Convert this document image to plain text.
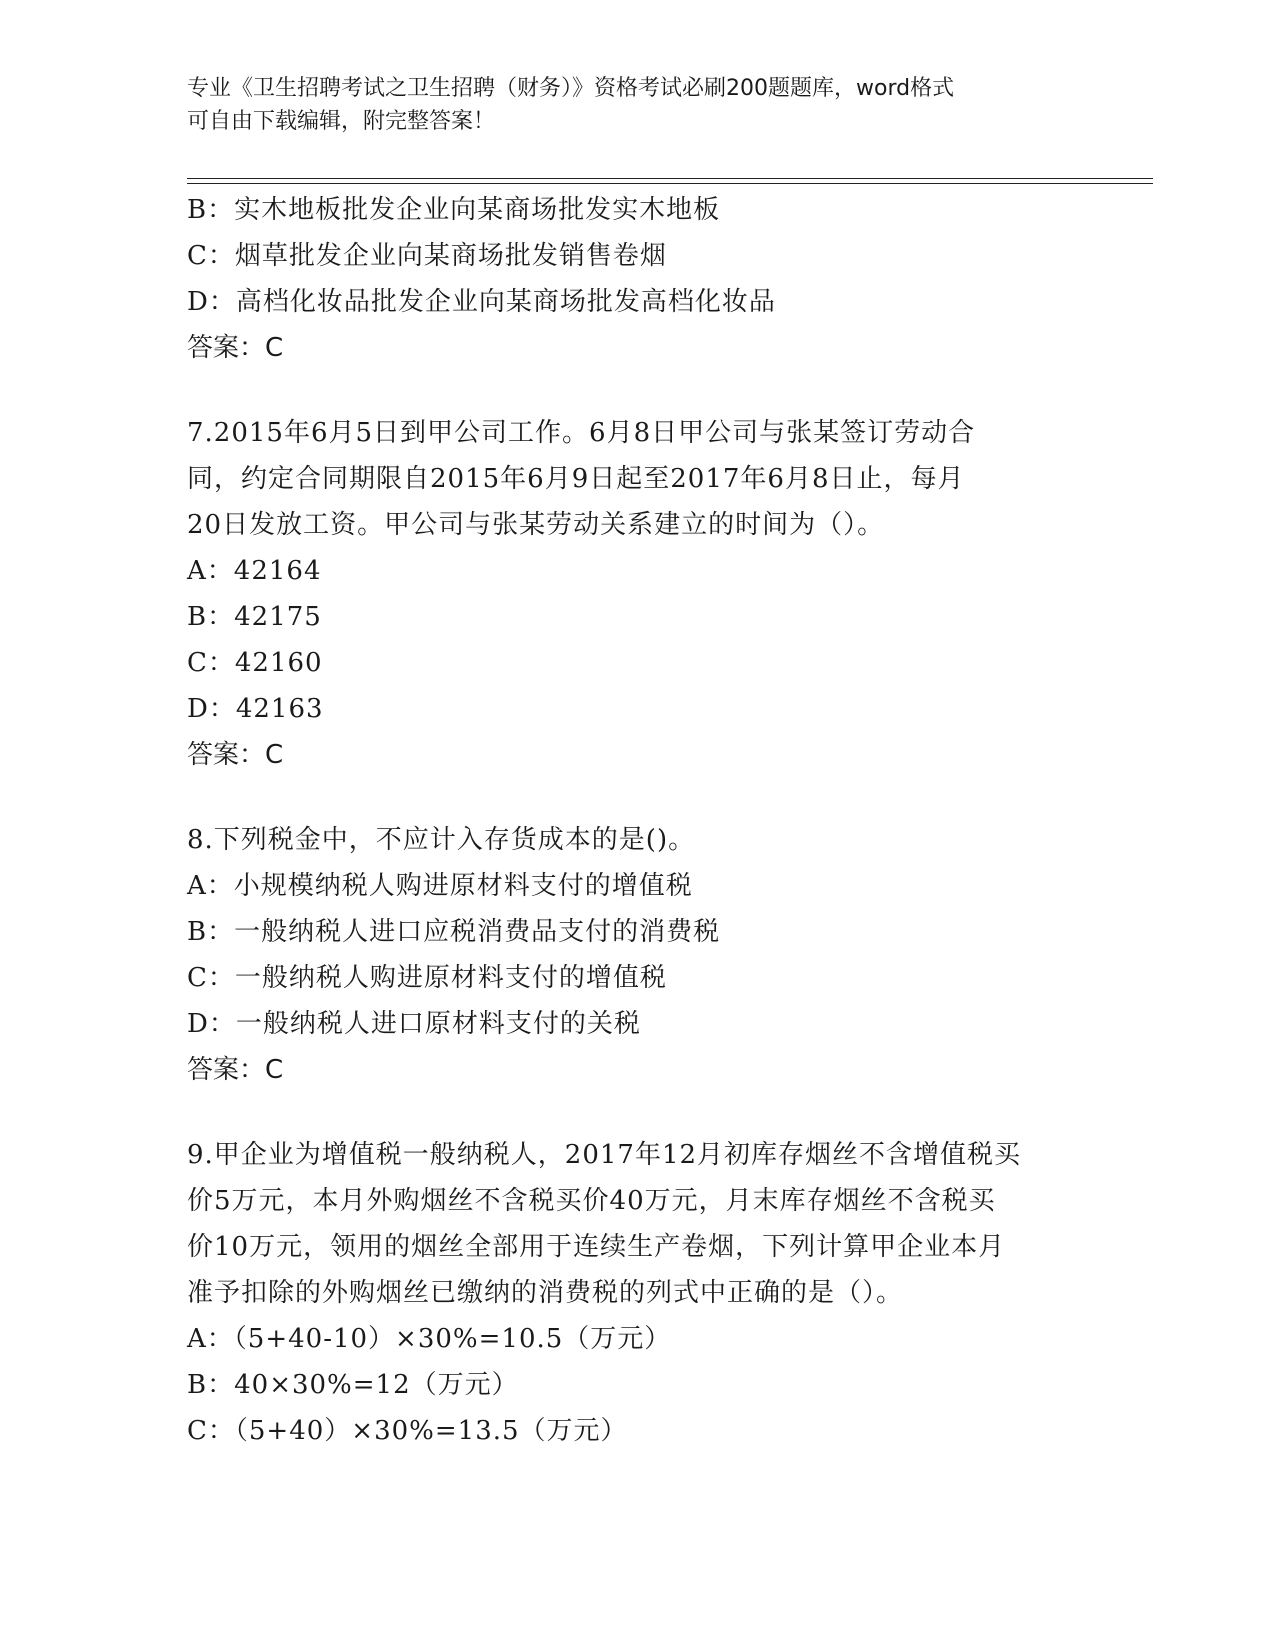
专业《卫生招聘考试之卫生招聘（财务）》资格考试必刷200题题库，word格式
可自由下载编辑，附完整答案！
B：实木地板批发企业向某商场批发实木地板
C：烟草批发企业向某商场批发销售卷烟
D：高档化妆品批发企业向某商场批发高档化妆品
答案：C
7.2015年6月5日到甲公司工作。6月8日甲公司与张某签订劳动合
同，约定合同期限自2015年6月9日起至2017年6月8日止，每月
20日发放工资。甲公司与张某劳动关系建立的时间为（）。
A：42164
B：42175
C：42160
D：42163
答案：C
8.下列税金中，不应计入存货成本的是()。
A：小规模纳税人购进原材料支付的增值税
B：一般纳税人进口应税消费品支付的消费税
C：一般纳税人购进原材料支付的增值税
D：一般纳税人进口原材料支付的关税
答案：C
9.甲企业为增值税一般纳税人，2017年12月初库存烟丝不含增值税买
价5万元，本月外购烟丝不含税买价40万元，月末库存烟丝不含税买
价10万元，领用的烟丝全部用于连续生产卷烟，下列计算甲企业本月
准予扣除的外购烟丝已缴纳的消费税的列式中正确的是（）。
A：（5+40-10）×30%=10.5（万元）
B：40×30%=12（万元）
C：（5+40）×30%=13.5（万元）
